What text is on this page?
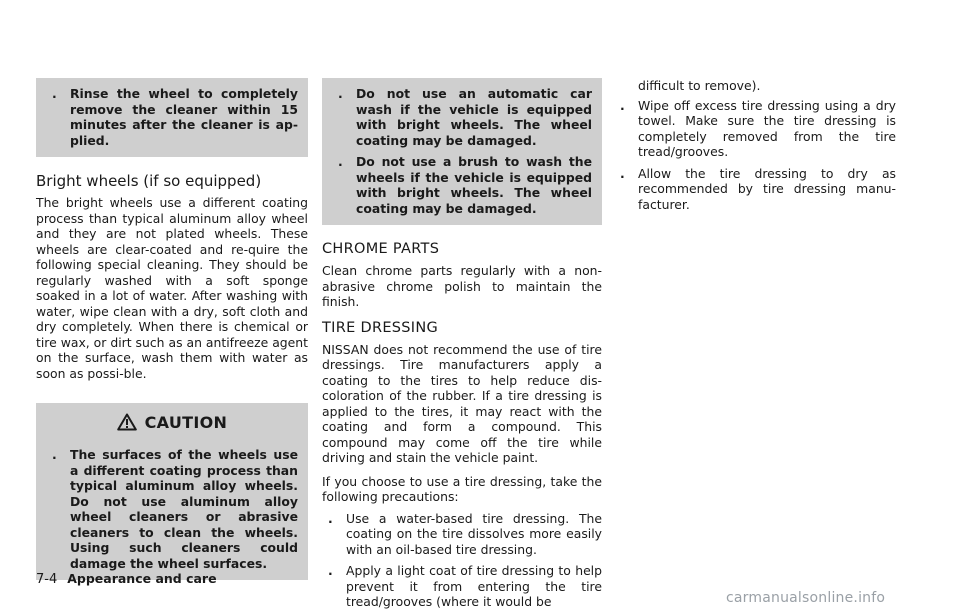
. Rinse the wheel to completely remove the cleaner within 15 minutes after the cleaner is ap-plied.
Bright wheels (if so equipped)

The bright wheels use a different coating process than typical aluminum alloy wheel and they are not plated wheels. These wheels are clear-coated and re-quire the following special cleaning. They should be regularly washed with a soft sponge soaked in a lot of water. After washing with water, wipe clean with a dry, soft cloth and dry completely. When there is chemical or tire wax, or dirt such as an antifreeze agent on the surface, wash them with water as soon as possi-ble.

CAUTION
. The surfaces of the wheels use a different coating process than typical aluminum alloy wheels. Do not use aluminum alloy wheel cleaners or abrasive cleaners to clean the wheels. Using such cleaners could damage the wheel surfaces.
. Do not use an automatic car wash if the vehicle is equipped with bright wheels. The wheel coating may be damaged.
. Do not use a brush to wash the wheels if the vehicle is equipped with bright wheels. The wheel coating may be damaged.
CHROME PARTS

Clean chrome parts regularly with a non-abrasive chrome polish to maintain the finish.

TIRE DRESSING

NISSAN does not recommend the use of tire dressings. Tire manufacturers apply a coating to the tires to help reduce dis-coloration of the rubber. If a tire dressing is applied to the tires, it may react with the coating and form a compound. This compound may come off the tire while driving and stain the vehicle paint.

If you choose to use a tire dressing, take the following precautions:

. Use a water-based tire dressing. The coating on the tire dissolves more easily with an oil-based tire dressing.
. Apply a light coat of tire dressing to help prevent it from entering the tire tread/grooves (where it would be

difficult to remove).

. Wipe off excess tire dressing using a dry towel. Make sure the tire dressing is completely removed from the tire tread/grooves.
. Allow the tire dressing to dry as recommended by tire dressing manu-facturer.
7-4 Appearance and care
carmanualsonline.info
